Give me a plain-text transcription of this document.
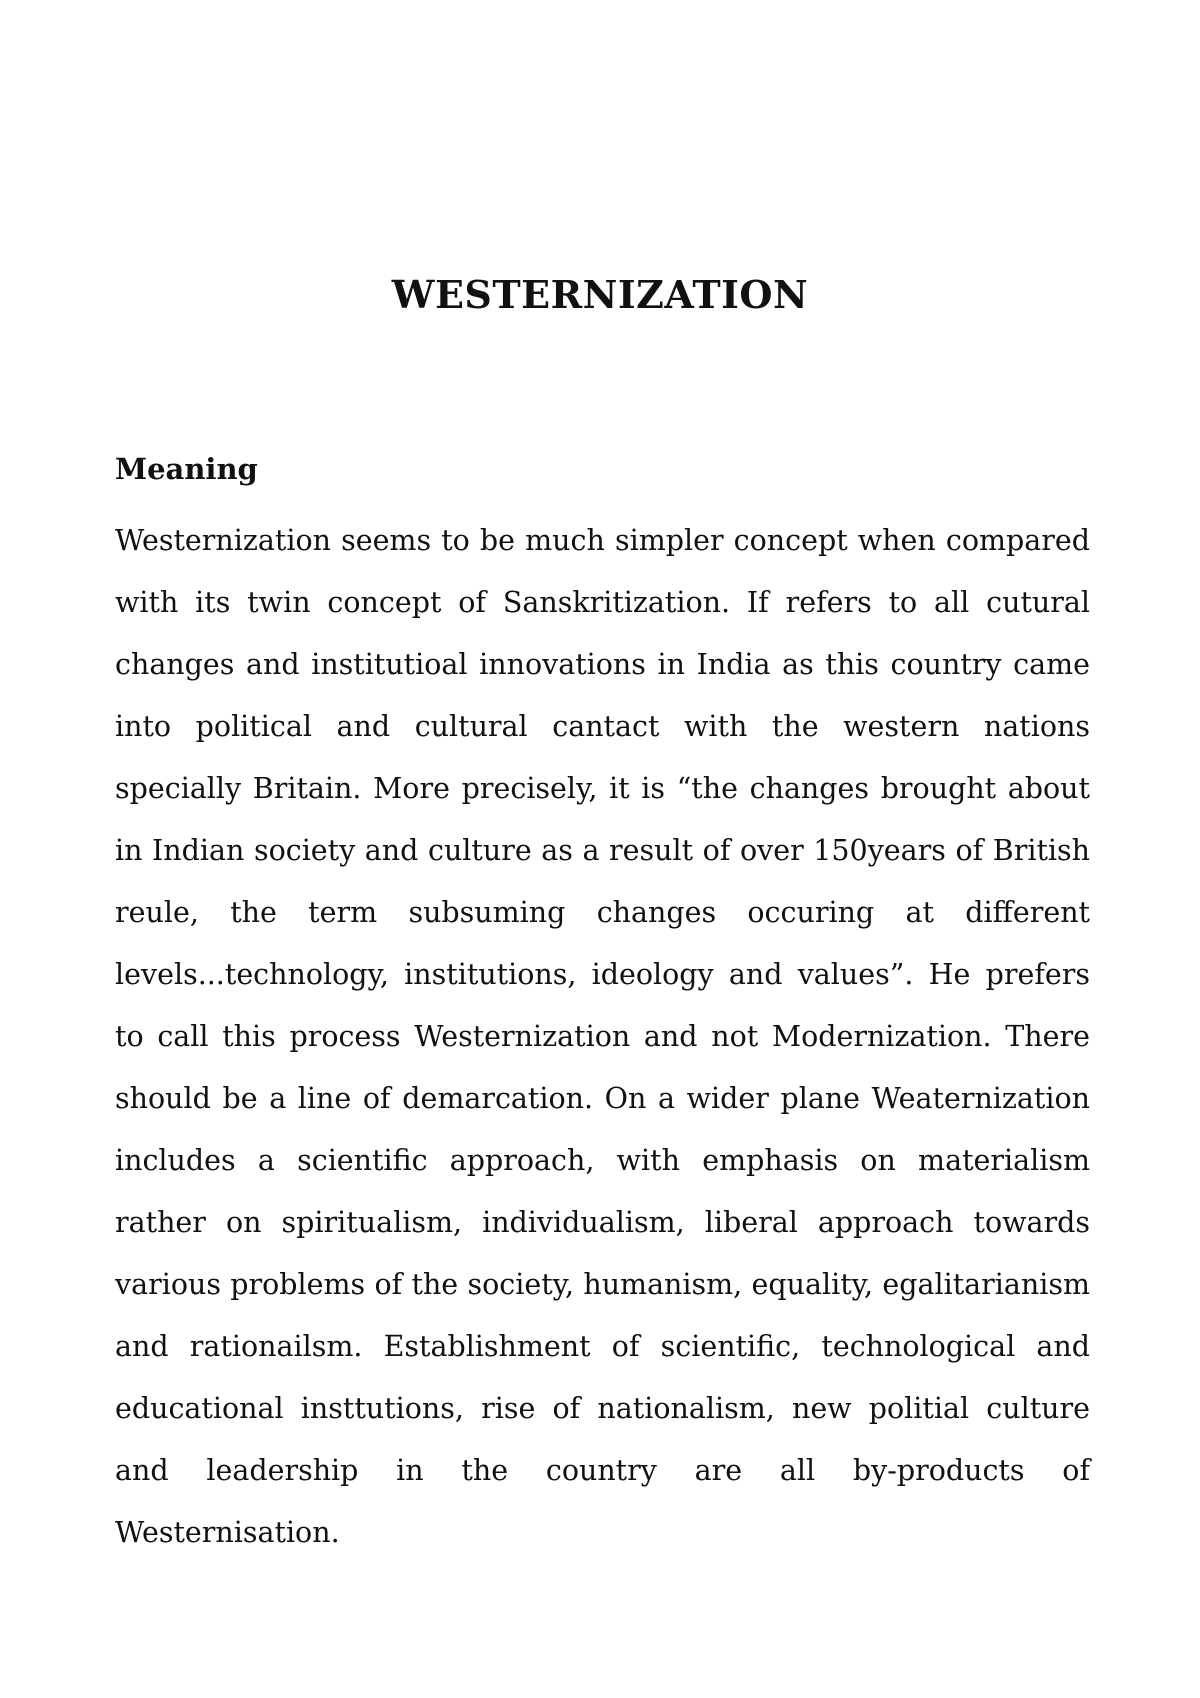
WESTERNIZATION
Meaning

Westernization seems to be much simpler concept when compared with its twin concept of Sanskritization. If refers to all cutural changes and institutioal innovations in India as this country came into political and cultural cantact with the western nations specially Britain. More precisely, it is “the changes brought about in Indian society and culture as a result of over 150years of British reule, the term subsuming changes occuring at different levels...technology, institutions, ideology and values”. He prefers to call this process Westernization and not Modernization. There should be a line of demarcation. On a wider plane Weaternization includes a scientific approach, with emphasis on materialism rather on spiritualism, individualism, liberal approach towards various problems of the society, humanism, equality, egalitarianism and rationailsm. Establishment of scientific, technological and educational insttutions, rise of nationalism, new politial culture and leadership in the country are all by-products of Westernisation.
